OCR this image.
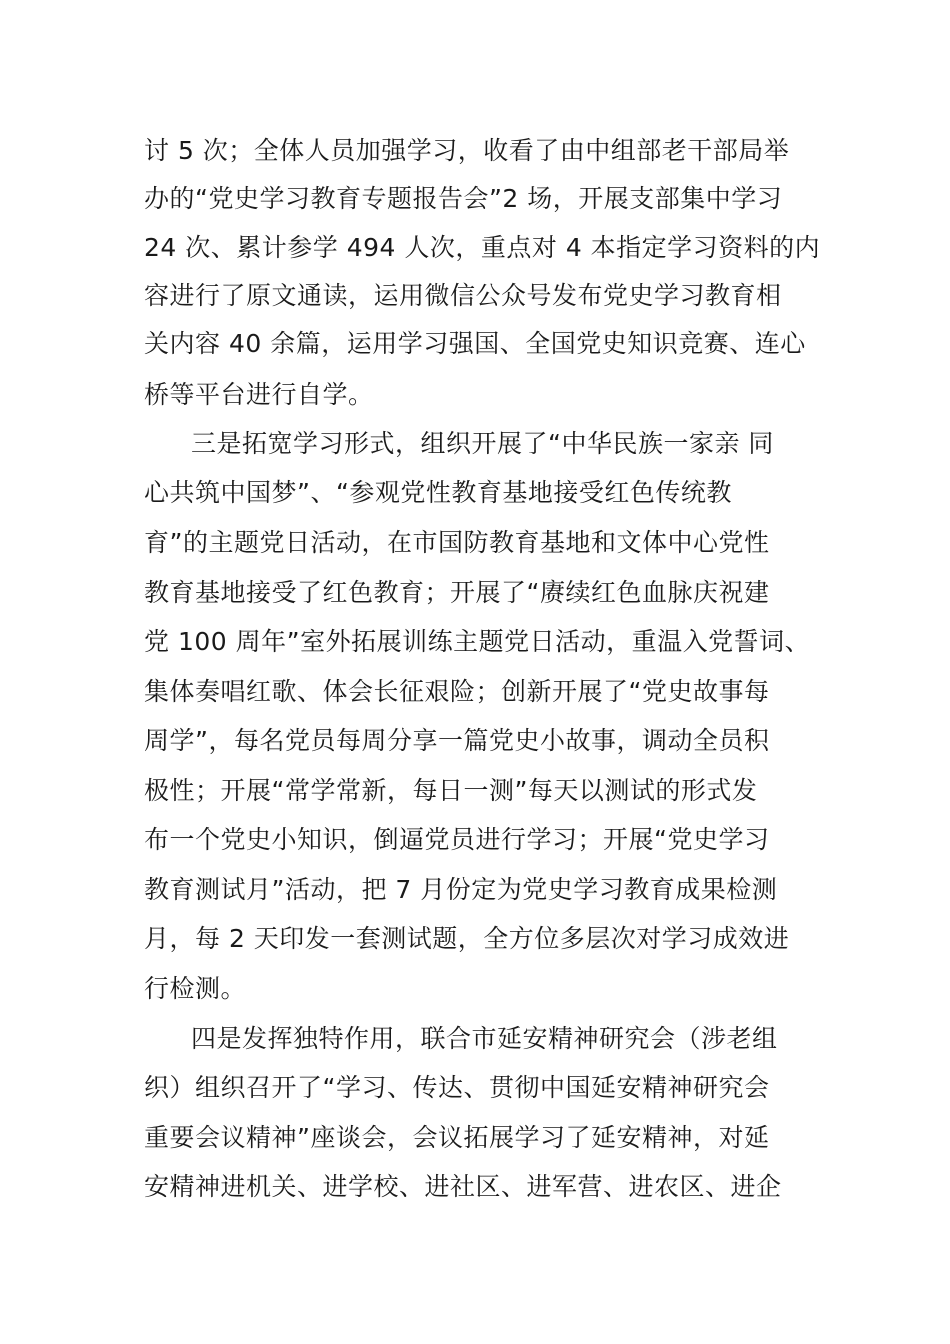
讨 5 次；全体人员加强学习，收看了由中组部老干部局举
办的“党史学习教育专题报告会”2 场，开展支部集中学习
24 次、累计参学 494 人次，重点对 4 本指定学习资料的内
容进行了原文通读，运用微信公众号发布党史学习教育相
关内容 40 余篇，运用学习强国、全国党史知识竞赛、连心
桥等平台进行自学。
三是拓宽学习形式，组织开展了“中华民族一家亲 同
心共筑中国梦”、“参观党性教育基地接受红色传统教
育”的主题党日活动，在市国防教育基地和文体中心党性
教育基地接受了红色教育；开展了“赓续红色血脉庆祝建
党 100 周年”室外拓展训练主题党日活动，重温入党誓词、
集体奏唱红歌、体会长征艰险；创新开展了“党史故事每
周学”，每名党员每周分享一篇党史小故事，调动全员积
极性；开展“常学常新，每日一测”每天以测试的形式发
布一个党史小知识，倒逼党员进行学习；开展“党史学习
教育测试月”活动，把 7 月份定为党史学习教育成果检测
月，每 2 天印发一套测试题，全方位多层次对学习成效进
行检测。
四是发挥独特作用，联合市延安精神研究会（涉老组
织）组织召开了“学习、传达、贯彻中国延安精神研究会
重要会议精神”座谈会，会议拓展学习了延安精神，对延
安精神进机关、进学校、进社区、进军营、进农区、进企
